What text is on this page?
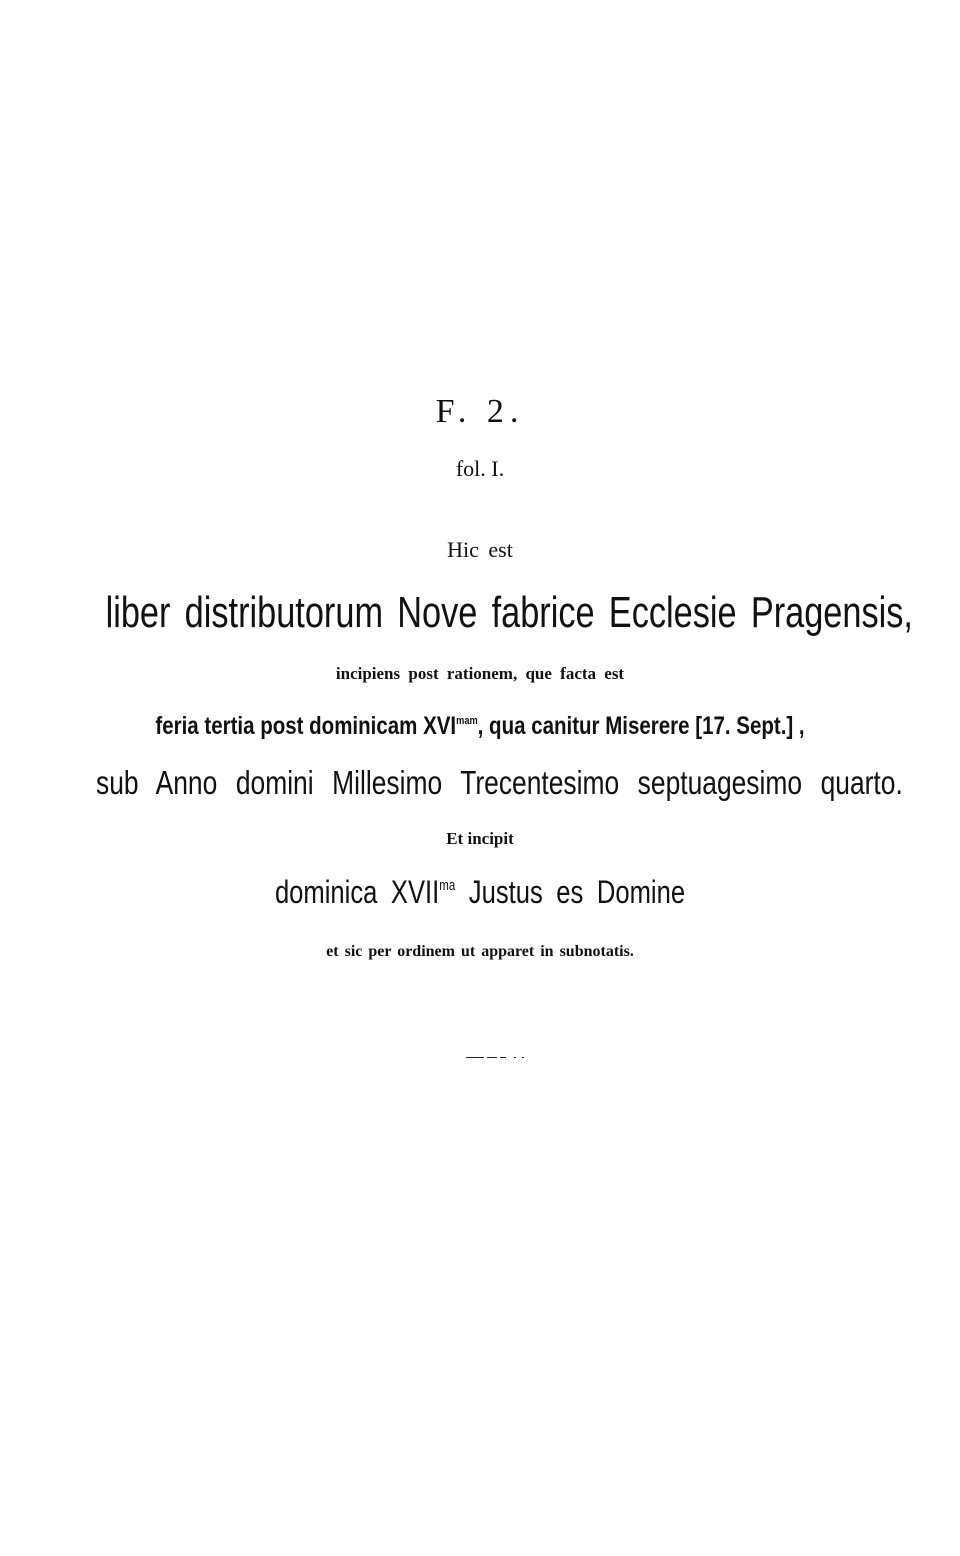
F. 2.
fol. I.
Hic est
liber distributorum Nove fabrice Ecclesie Pragensis,
incipiens post rationem, que facta est
feria tertia post dominicam $XVI^{mam}$, qua canitur Miserere [17. Sept.] ,
sub Anno domini Millesimo Trecentesimo septuagesimo quarto.
Et incipit
dominica $XVII^{ma}$ Justus es Domine
et sic per ordinem ut apparet in subnotatis.
